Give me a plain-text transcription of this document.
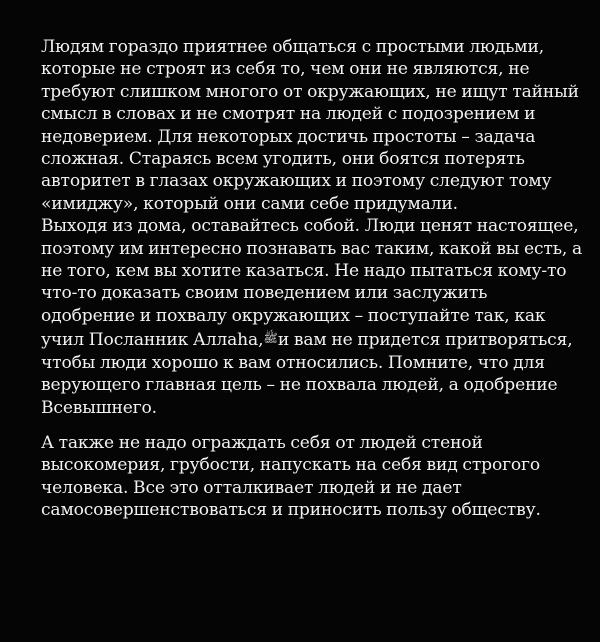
Людям гораздо приятнее общаться с простыми людьми,
которые не строят из себя то, чем они не являются, не
требуют слишком многого от окружающих, не ищут тайный
смысл в словах и не смотрят на людей с подозрением и
недоверием. Для некоторых достичь простоты – задача
сложная. Стараясь всем угодить, они боятся потерять
авторитет в глазах окружающих и поэтому следуют тому
«имиджу», который они сами себе придумали.
Выходя из дома, оставайтесь собой. Люди ценят настоящее,
поэтому им интересно познавать вас таким, какой вы есть, а
не того, кем вы хотите казаться. Не надо пытаться кому-то
что-то доказать своим поведением или заслужить
одобрение и похвалу окружающих – поступайте так, как
учил Посланник Аллаhа,ﷺи вам не придется притворяться,
чтобы люди хорошо к вам относились. Помните, что для
верующего главная цель – не похвала людей, а одобрение
Всевышнего.
А также не надо ограждать себя от людей стеной
высокомерия, грубости, напускать на себя вид строгого
человека. Все это отталкивает людей и не дает
самосовершенствоваться и приносить пользу обществу.
